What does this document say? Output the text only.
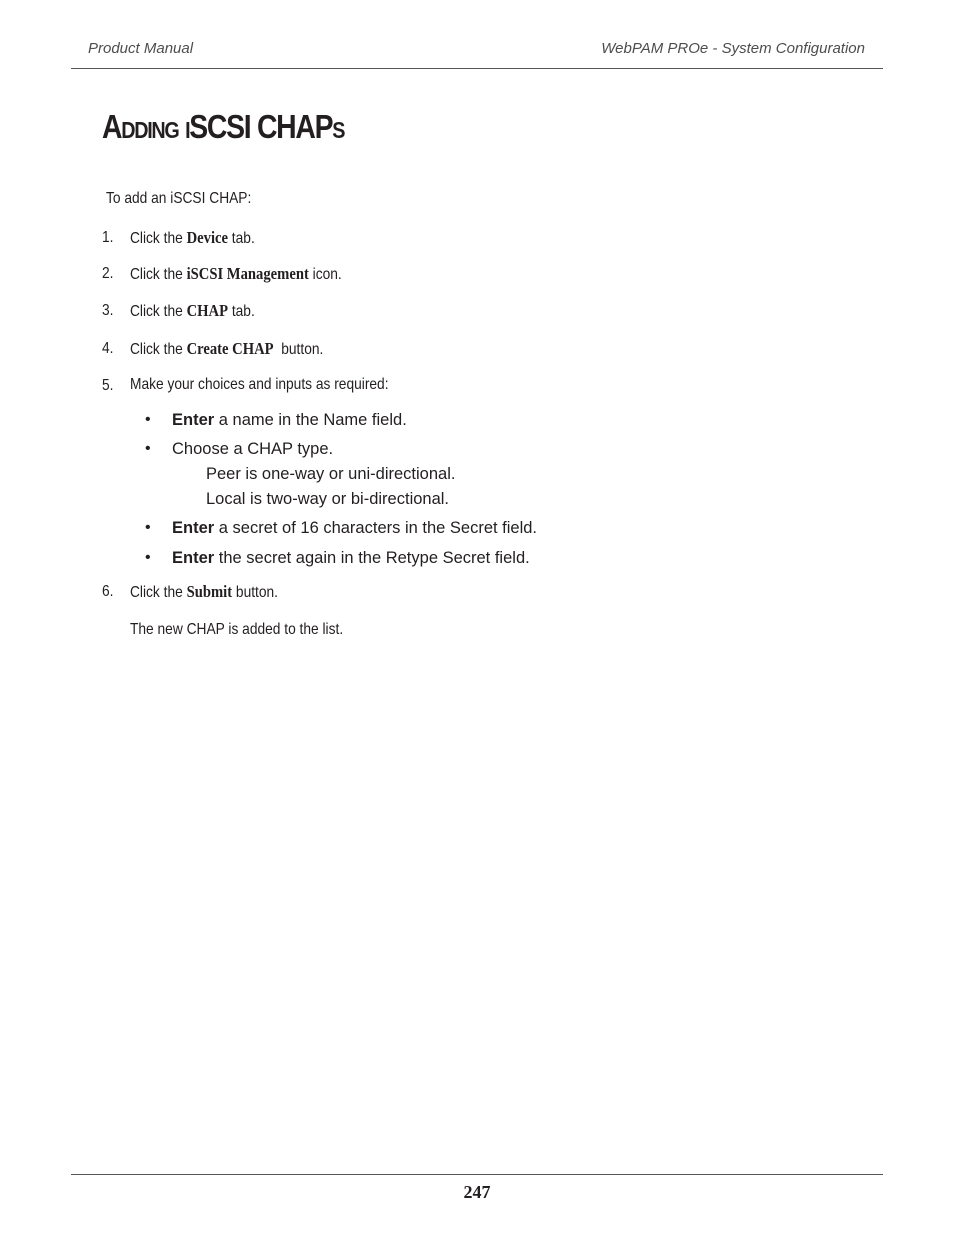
Product Manual	WebPAM PROe - System Configuration
Adding iSCSI CHAPs
To add an iSCSI CHAP:
1. Click the Device tab.
2. Click the iSCSI Management icon.
3. Click the CHAP tab.
4. Click the Create CHAP  button.
5. Make your choices and inputs as required:
• Enter a name in the Name field.
• Choose a CHAP type.
Peer is one-way or uni-directional.
Local is two-way or bi-directional.
• Enter a secret of 16 characters in the Secret field.
• Enter the secret again in the Retype Secret field.
6. Click the Submit button.
The new CHAP is added to the list.
247
